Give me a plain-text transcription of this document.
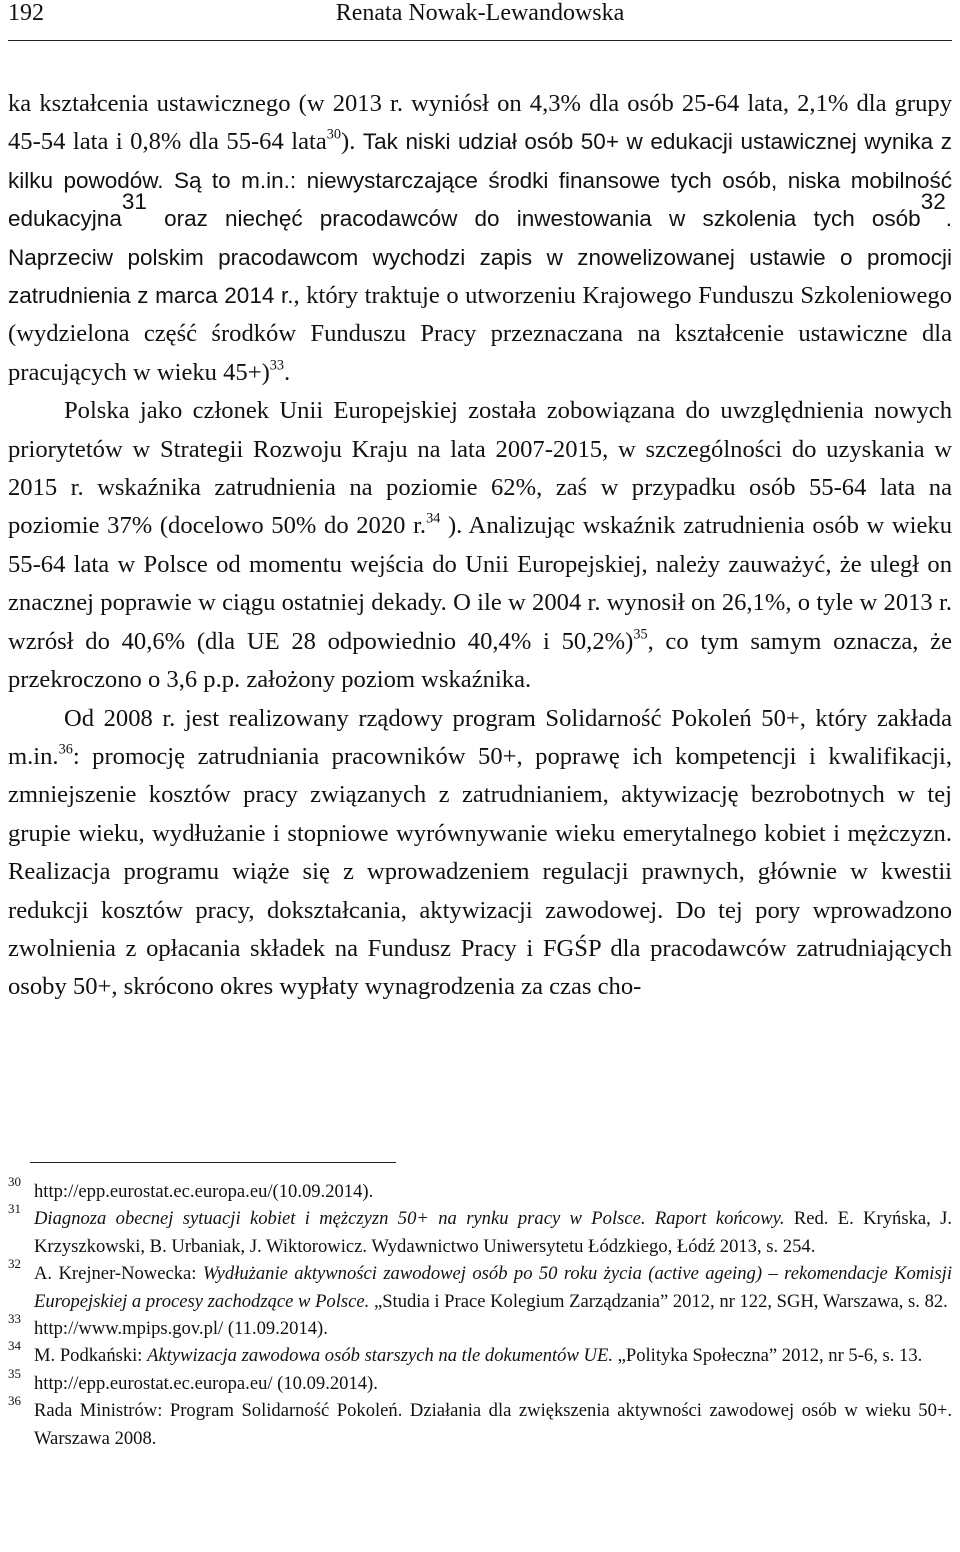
192	Renata Nowak-Lewandowska

ka kształcenia ustawicznego (w 2013 r. wyniósł on 4,3% dla osób 25-64 lata, 2,1% dla grupy 45-54 lata i 0,8% dla 55-64 lata$^{30}$). Tak niski udział osób 50+ w edukacji ustawicznej wynika z kilku powodów. Są to m.in.: niewystarczające środki finansowe tych osób, niska mobilność edukacyjna$^{31}$ oraz niechęć pracodawców do inwestowania w szkolenia tych osób$^{32}$. Naprzeciw polskim pracodawcom wychodzi zapis w znowelizowanej ustawie o promocji zatrudnienia z marca 2014 r., który traktuje o utworzeniu Krajowego Funduszu Szkoleniowego (wydzielona część środków Funduszu Pracy przeznaczana na kształcenie ustawiczne dla pracujących w wieku 45+)$^{33}$.

Polska jako członek Unii Europejskiej została zobowiązana do uwzględnienia nowych priorytetów w Strategii Rozwoju Kraju na lata 2007-2015, w szczególności do uzyskania w 2015 r. wskaźnika zatrudnienia na poziomie 62%, zaś w przypadku osób 55-64 lata na poziomie 37% (docelowo 50% do 2020 r.$^{34}$ ). Analizując wskaźnik zatrudnienia osób w wieku 55-64 lata w Polsce od momentu wejścia do Unii Europejskiej, należy zauważyć, że uległ on znacznej poprawie w ciągu ostatniej dekady. O ile w 2004 r. wynosił on 26,1%, o tyle w 2013 r. wzrósł do 40,6% (dla UE 28 odpowiednio 40,4% i 50,2%)$^{35}$, co tym samym oznacza, że przekroczono o 3,6 p.p. założony poziom wskaźnika.

Od 2008 r. jest realizowany rządowy program Solidarność Pokoleń 50+, który zakłada m.in.$^{36}$: promocję zatrudniania pracowników 50+, poprawę ich kompetencji i kwalifikacji, zmniejszenie kosztów pracy związanych z zatrudnianiem, aktywizację bezrobotnych w tej grupie wieku, wydłużanie i stopniowe wyrównywanie wieku emerytalnego kobiet i mężczyzn. Realizacja programu wiąże się z wprowadzeniem regulacji prawnych, głównie w kwestii redukcji kosztów pracy, dokształcania, aktywizacji zawodowej. Do tej pory wprowadzono zwolnienia z opłacania składek na Fundusz Pracy i FGŚP dla pracodawców zatrudniających osoby 50+, skrócono okres wypłaty wynagrodzenia za czas cho-

30 http://epp.eurostat.ec.europa.eu/(10.09.2014).
31 Diagnoza obecnej sytuacji kobiet i mężczyzn 50+ na rynku pracy w Polsce. Raport końcowy. Red. E. Kryńska, J. Krzyszkowski, B. Urbaniak, J. Wiktorowicz. Wydawnictwo Uniwersytetu Łódzkiego, Łódź 2013, s. 254.
32 A. Krejner-Nowecka: Wydłużanie aktywności zawodowej osób po 50 roku życia (active ageing) – rekomendacje Komisji Europejskiej a procesy zachodzące w Polsce. „Studia i Prace Kolegium Zarządzania” 2012, nr 122, SGH, Warszawa, s. 82.
33 http://www.mpips.gov.pl/ (11.09.2014).
34 M. Podkański: Aktywizacja zawodowa osób starszych na tle dokumentów UE. „Polityka Społeczna” 2012, nr 5-6, s. 13.
35 http://epp.eurostat.ec.europa.eu/ (10.09.2014).
36 Rada Ministrów: Program Solidarność Pokoleń. Działania dla zwiększenia aktywności zawodowej osób w wieku 50+. Warszawa 2008.
